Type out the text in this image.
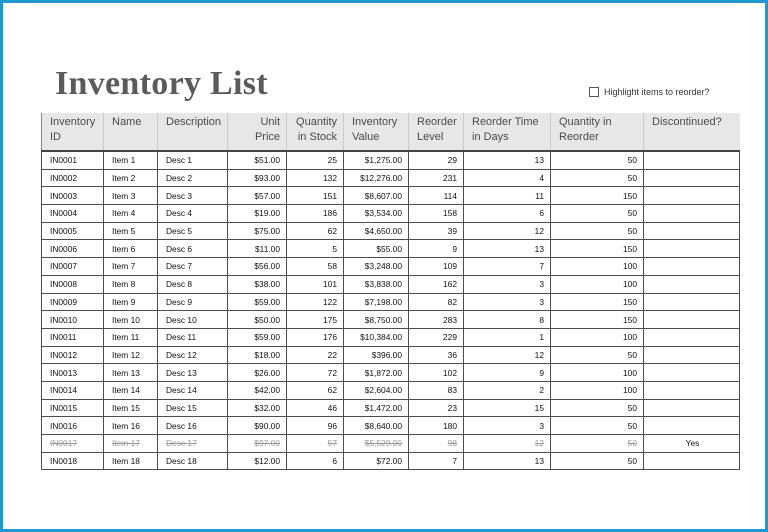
Inventory List	Highlight items to reorder?
Inventory ID	Name	Description	Unit Price	Quantity in Stock	Inventory Value	Reorder Level	Reorder Time in Days	Quantity in Reorder	Discontinued?
IN0001	Item 1	Desc 1	$51.00	25	$1,275.00	29	13	50	
IN0002	Item 2	Desc 2	$93.00	132	$12,276.00	231	4	50	
IN0003	Item 3	Desc 3	$57.00	151	$8,607.00	114	11	150	
IN0004	Item 4	Desc 4	$19.00	186	$3,534.00	158	6	50	
IN0005	Item 5	Desc 5	$75.00	62	$4,650.00	39	12	50	
IN0006	Item 6	Desc 6	$11.00	5	$55.00	9	13	150	
IN0007	Item 7	Desc 7	$56.00	58	$3,248.00	109	7	100	
IN0008	Item 8	Desc 8	$38.00	101	$3,838.00	162	3	100	
IN0009	Item 9	Desc 9	$59.00	122	$7,198.00	82	3	150	
IN0010	Item 10	Desc 10	$50.00	175	$8,750.00	283	8	150	
IN0011	Item 11	Desc 11	$59.00	176	$10,384.00	229	1	100	
IN0012	Item 12	Desc 12	$18.00	22	$396.00	36	12	50	
IN0013	Item 13	Desc 13	$26.00	72	$1,872.00	102	9	100	
IN0014	Item 14	Desc 14	$42.00	62	$2,604.00	83	2	100	
IN0015	Item 15	Desc 15	$32.00	46	$1,472.00	23	15	50	
IN0016	Item 16	Desc 16	$90.00	96	$8,640.00	180	3	50	
IN0017	Item 17	Desc 17	$97.00	57	$5,529.00	98	12	50	Yes
IN0018	Item 18	Desc 18	$12.00	6	$72.00	7	13	50	
